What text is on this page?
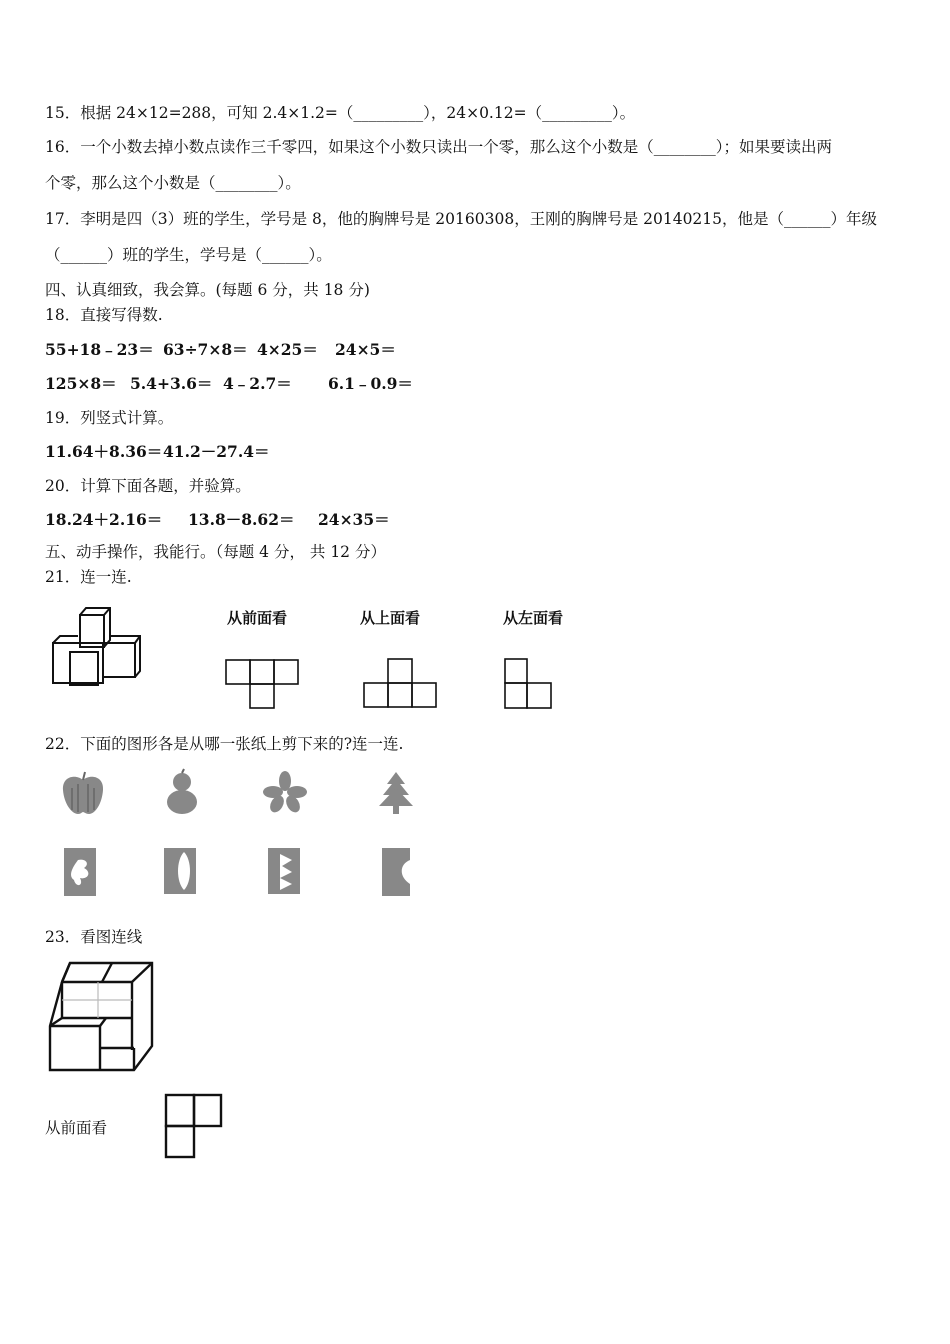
15．根据 24×12=288，可知 2.4×1.2=（_________），24×0.12=（_________）。
16．一个小数去掉小数点读作三千零四，如果这个小数只读出一个零，那么这个小数是（________）；如果要读出两
个零，那么这个小数是（________）。
17．李明是四（3）班的学生，学号是 8，他的胸牌号是 20160308，王刚的胸牌号是 20140215，他是（______）年级
（______）班的学生，学号是（______）。
四、认真细致，我会算。(每题 6 分，共 18 分)
18．直接写得数.
55+18﹣23＝ 63÷7×8＝ 4×25＝ 24×5＝
125×8＝ 5.4+3.6＝ 4﹣2.7＝ 6.1﹣0.9＝
19．列竖式计算。
11.64＋8.36＝ 41.2－27.4＝
20．计算下面各题，并验算。
18.24＋2.16＝ 13.8－8.62＝ 24×35＝
五、动手操作，我能行。（每题 4 分， 共 12 分）
21．连一连.
从前面看	从上面看	从左面看
22．下面的图形各是从哪一张纸上剪下来的?连一连.
23．看图连线
从前面看
